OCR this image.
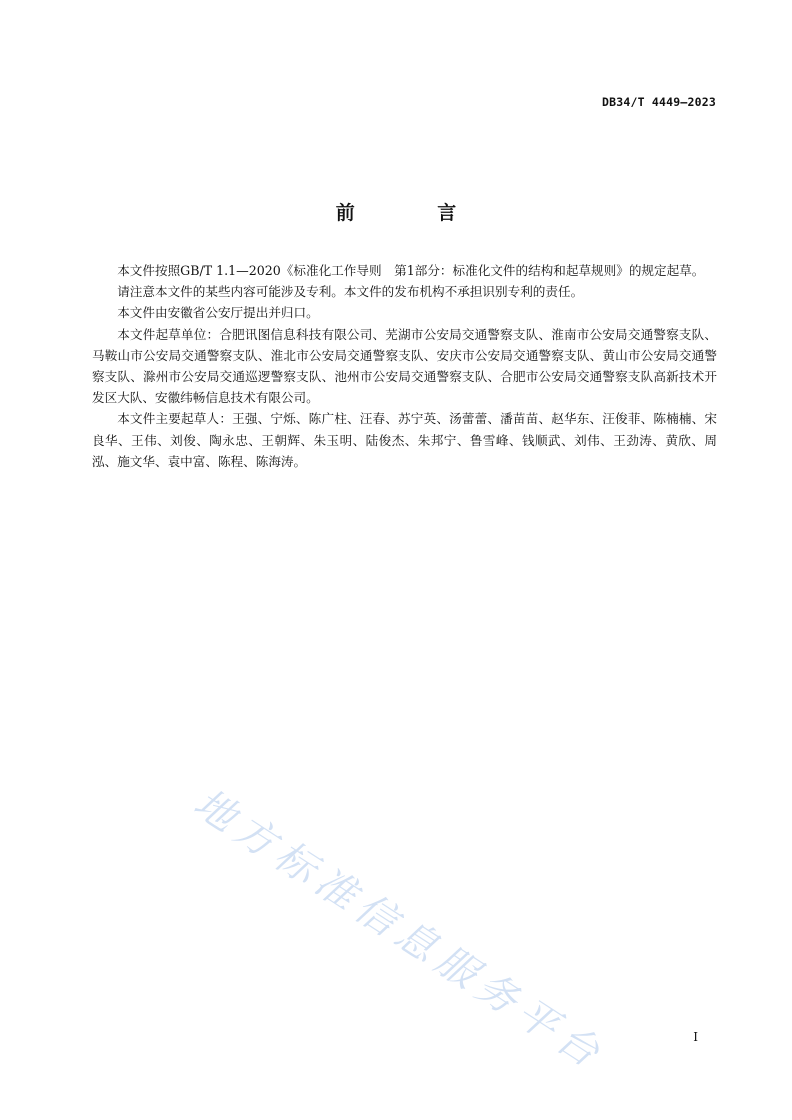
DB34/T 4449—2023
前 言

本文件按照GB/T 1.1—2020《标准化工作导则　第1部分：标准化文件的结构和起草规则》的规定起草。

请注意本文件的某些内容可能涉及专利。本文件的发布机构不承担识别专利的责任。

本文件由安徽省公安厅提出并归口。

本文件起草单位：合肥讯图信息科技有限公司、芜湖市公安局交通警察支队、淮南市公安局交通警察支队、马鞍山市公安局交通警察支队、淮北市公安局交通警察支队、安庆市公安局交通警察支队、黄山市公安局交通警察支队、滁州市公安局交通巡逻警察支队、池州市公安局交通警察支队、合肥市公安局交通警察支队高新技术开发区大队、安徽纬畅信息技术有限公司。

本文件主要起草人：王强、宁烁、陈广柱、汪春、苏宁英、汤蕾蕾、潘苗苗、赵华东、汪俊菲、陈楠楠、宋良华、王伟、刘俊、陶永忠、王朝辉、朱玉明、陆俊杰、朱邦宁、鲁雪峰、钱顺武、刘伟、王劲涛、黄欣、周泓、施文华、袁中富、陈程、陈海涛。

地方标准信息服务平台	I
